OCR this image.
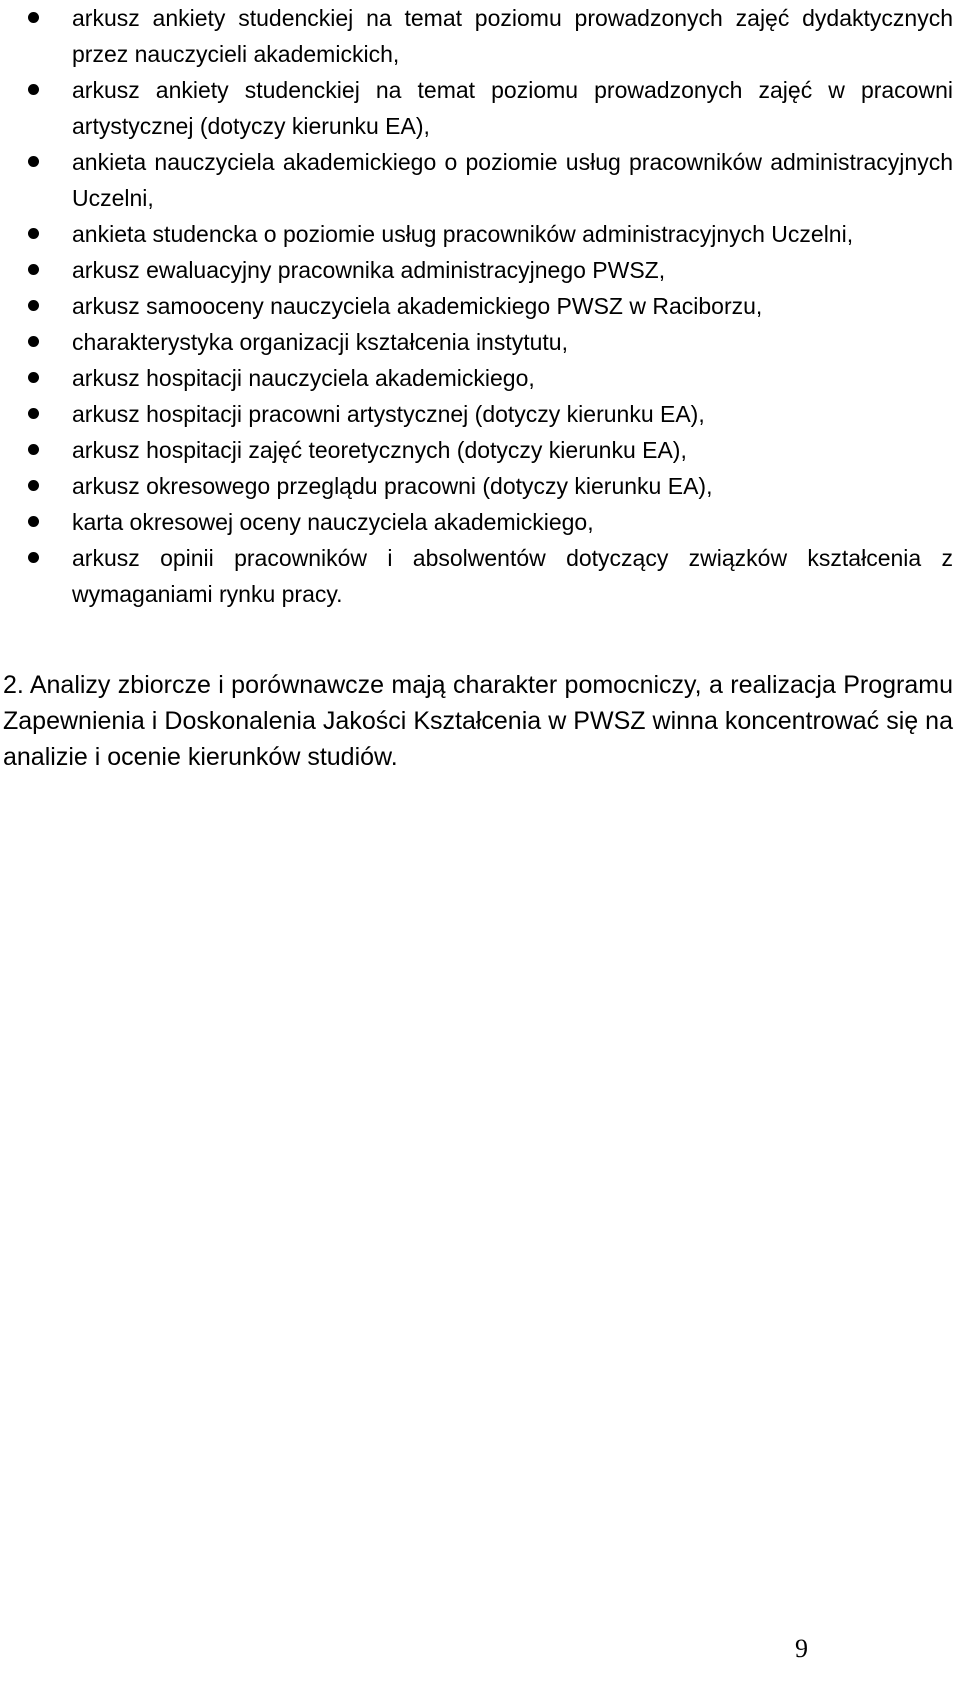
arkusz ankiety studenckiej na temat poziomu prowadzonych zajęć dydaktycznych przez nauczycieli akademickich,
arkusz ankiety studenckiej na temat poziomu prowadzonych zajęć w pracowni artystycznej (dotyczy kierunku EA),
ankieta nauczyciela akademickiego o poziomie usług pracowników administracyjnych Uczelni,
ankieta studencka o poziomie usług pracowników administracyjnych Uczelni,
arkusz ewaluacyjny pracownika administracyjnego PWSZ,
arkusz samooceny nauczyciela akademickiego PWSZ w Raciborzu,
charakterystyka organizacji kształcenia instytutu,
arkusz hospitacji nauczyciela akademickiego,
arkusz hospitacji pracowni artystycznej (dotyczy kierunku EA),
arkusz hospitacji zajęć teoretycznych (dotyczy kierunku EA),
arkusz okresowego przeglądu pracowni (dotyczy kierunku EA),
karta okresowej oceny nauczyciela akademickiego,
arkusz opinii pracowników i absolwentów dotyczący związków kształcenia z wymaganiami rynku pracy.

2. Analizy zbiorcze i porównawcze mają charakter pomocniczy, a realizacja Programu Zapewnienia i Doskonalenia Jakości Kształcenia w PWSZ winna koncentrować się na analizie i ocenie kierunków studiów.

9
